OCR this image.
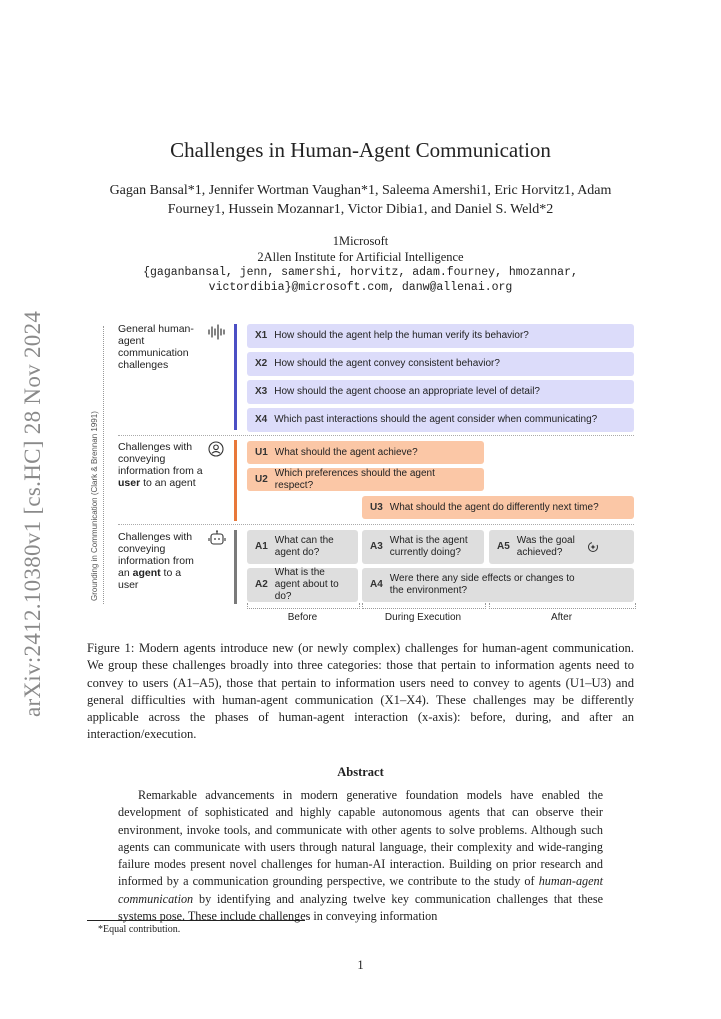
arXiv:2412.10380v1 [cs.HC] 28 Nov 2024
Challenges in Human-Agent Communication
Gagan Bansal*1, Jennifer Wortman Vaughan*1, Saleema Amershi1, Eric Horvitz1, Adam
Fourney1, Hussein Mozannar1, Victor Dibia1, and Daniel S. Weld*2
1Microsoft
2Allen Institute for Artificial Intelligence
{gaganbansal, jenn, samershi, horvitz, adam.fourney, hmozannar,
victordibia}@microsoft.com, danw@allenai.org
Grounding in Communication (Clark & Brennan 1991)
General human-agent communication challenges
Challenges with conveying information from a user to an agent
Challenges with conveying information from an agent to a user
X1 How should the agent help the human verify its behavior?
X2 How should the agent convey consistent behavior?
X3 How should the agent choose an appropriate level of detail?
X4 Which past interactions should the agent consider when communicating?
U1 What should the agent achieve?
U2
Which preferences should the agent respect?
U3 What should the agent do differently next time?
A1
What can the agent do?
A3
What is the agent currently doing?
A5
Was the goal achieved?
A2
What is the agent about to do?
A4
Were there any side effects or changes to the environment?
Before	During Execution	After
Figure 1: Modern agents introduce new (or newly complex) challenges for human-agent communication. We group these challenges broadly into three categories: those that pertain to information agents need to convey to users (A1–A5), those that pertain to information users need to convey to agents (U1–U3) and general difficulties with human-agent communication (X1–X4). These challenges may be differently applicable across the phases of human-agent interaction (x-axis): before, during, and after an interaction/execution.
Abstract
Remarkable advancements in modern generative foundation models have enabled the development of sophisticated and highly capable autonomous agents that can observe their environment, invoke tools, and communicate with other agents to solve problems. Although such agents can communicate with users through natural language, their complexity and wide-ranging failure modes present novel challenges for human-AI interaction. Building on prior research and informed by a communication grounding perspective, we contribute to the study of human-agent communication by identifying and analyzing twelve key communication challenges that these systems pose. These include challenges in conveying information
*Equal contribution.
1
